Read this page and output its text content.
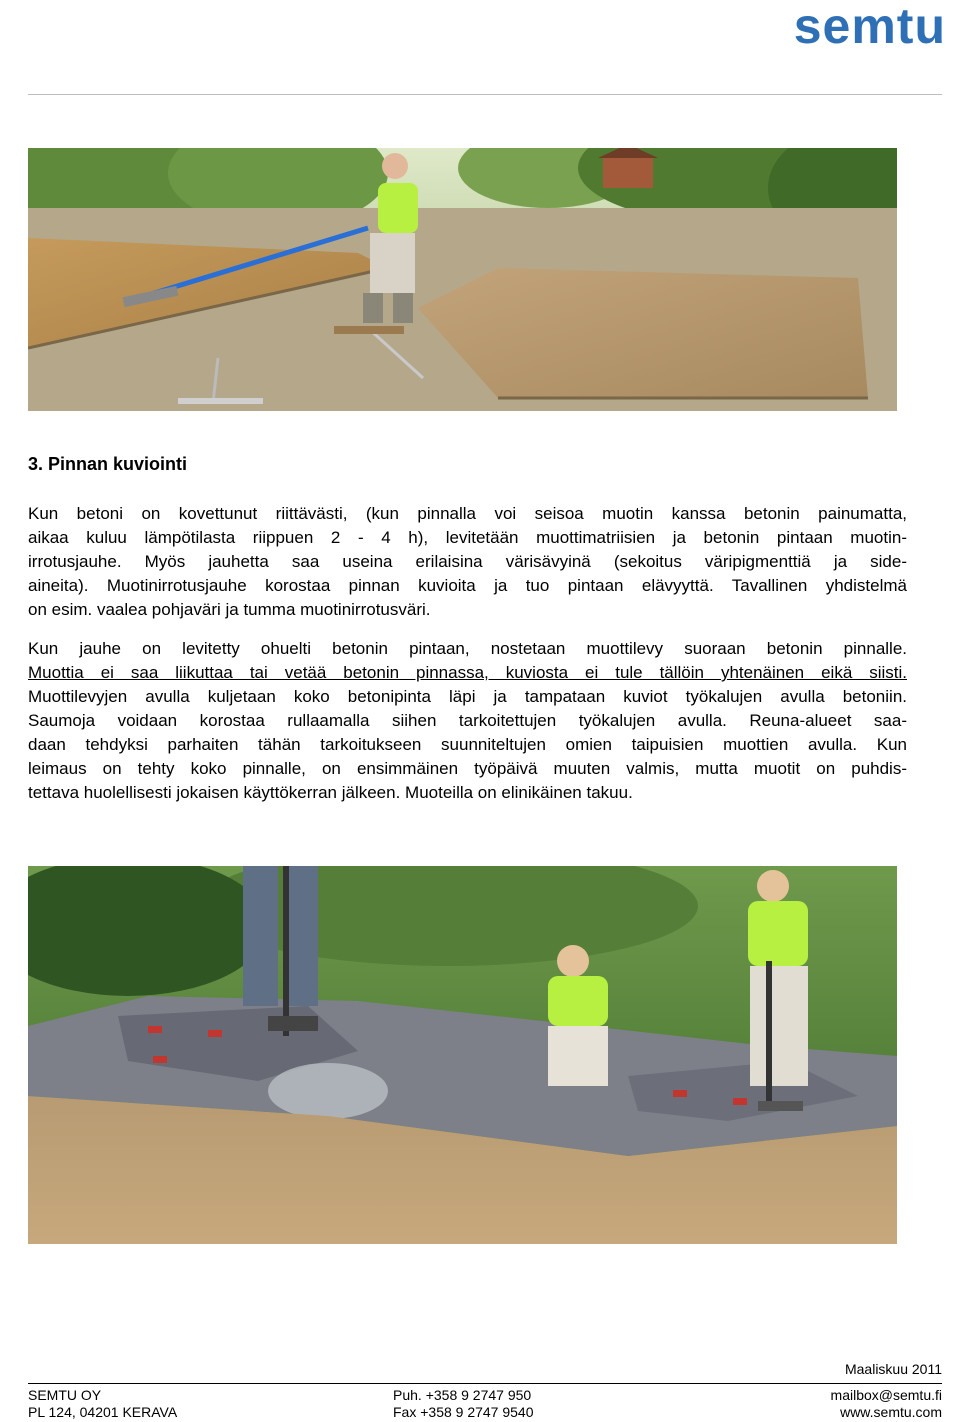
semtu
3. Pinnan kuviointi
Kun betoni on kovettunut riittävästi, (kun pinnalla voi seisoa muotin kanssa betonin painumatta,
aikaa kuluu lämpötilasta riippuen 2 - 4 h), levitetään muottimatriisien ja betonin pintaan muotin-
irrotusjauhe. Myös jauhetta saa useina erilaisina värisävyinä (sekoitus väripigmenttiä ja side-
aineita). Muotinirrotusjauhe korostaa pinnan kuvioita ja tuo pintaan elävyyttä. Tavallinen yhdistelmä
on esim. vaalea pohjaväri ja tumma muotinirrotusväri.
Kun jauhe on levitetty ohuelti betonin pintaan, nostetaan muottilevy suoraan betonin pinnalle.
Muottia ei saa liikuttaa tai vetää betonin pinnassa, kuviosta ei tule tällöin yhtenäinen eikä siisti.
Muottilevyjen avulla kuljetaan koko betonipinta läpi ja tampataan kuviot työkalujen avulla betoniin.
Saumoja voidaan korostaa rullaamalla siihen tarkoitettujen työkalujen avulla. Reuna-alueet saa-
daan tehdyksi parhaiten tähän tarkoitukseen suunniteltujen omien taipuisien muottien avulla. Kun
leimaus on tehty koko pinnalle, on ensimmäinen työpäivä muuten valmis, mutta muotit on puhdis-
tettava huolellisesti jokaisen käyttökerran jälkeen. Muoteilla on elinikäinen takuu.
Maaliskuu 2011
SEMTU OY
PL 124, 04201 KERAVA
Puh. +358 9 2747 950
Fax +358 9 2747 9540
mailbox@semtu.fi
www.semtu.com
